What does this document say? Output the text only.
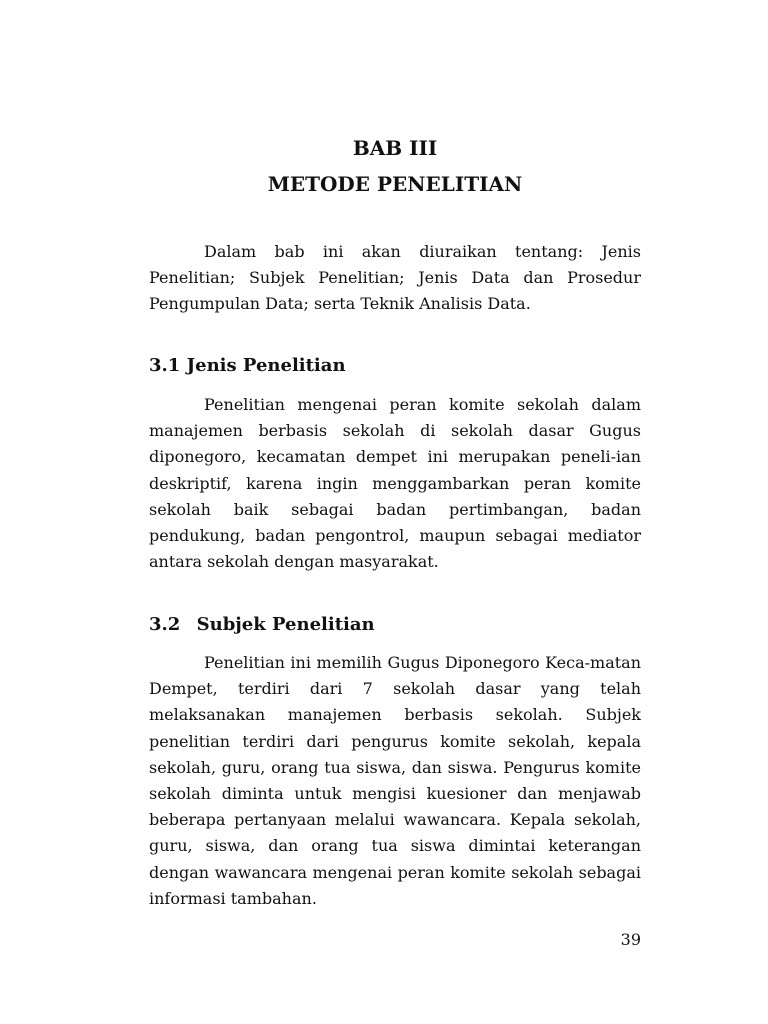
BAB III
METODE PENELITIAN

Dalam bab ini akan diuraikan tentang: Jenis Penelitian; Subjek Penelitian; Jenis Data dan Prosedur Pengumpulan Data; serta Teknik Analisis Data.

3.1 Jenis Penelitian

Penelitian mengenai peran komite sekolah dalam manajemen berbasis sekolah di sekolah dasar Gugus diponegoro, kecamatan dempet ini merupakan peneli-ian deskriptif, karena ingin menggambarkan peran komite sekolah baik sebagai badan pertimbangan, badan pendukung, badan pengontrol, maupun sebagai mediator antara sekolah dengan masyarakat.

3.2 Subjek Penelitian

Penelitian ini memilih Gugus Diponegoro Keca-matan Dempet, terdiri dari 7 sekolah dasar yang telah melaksanakan manajemen berbasis sekolah. Subjek penelitian terdiri dari pengurus komite sekolah, kepala sekolah, guru, orang tua siswa, dan siswa. Pengurus komite sekolah diminta untuk mengisi kuesioner dan menjawab beberapa pertanyaan melalui wawancara. Kepala sekolah, guru, siswa, dan orang tua siswa dimintai keterangan dengan wawancara mengenai peran komite sekolah sebagai informasi tambahan.

39
